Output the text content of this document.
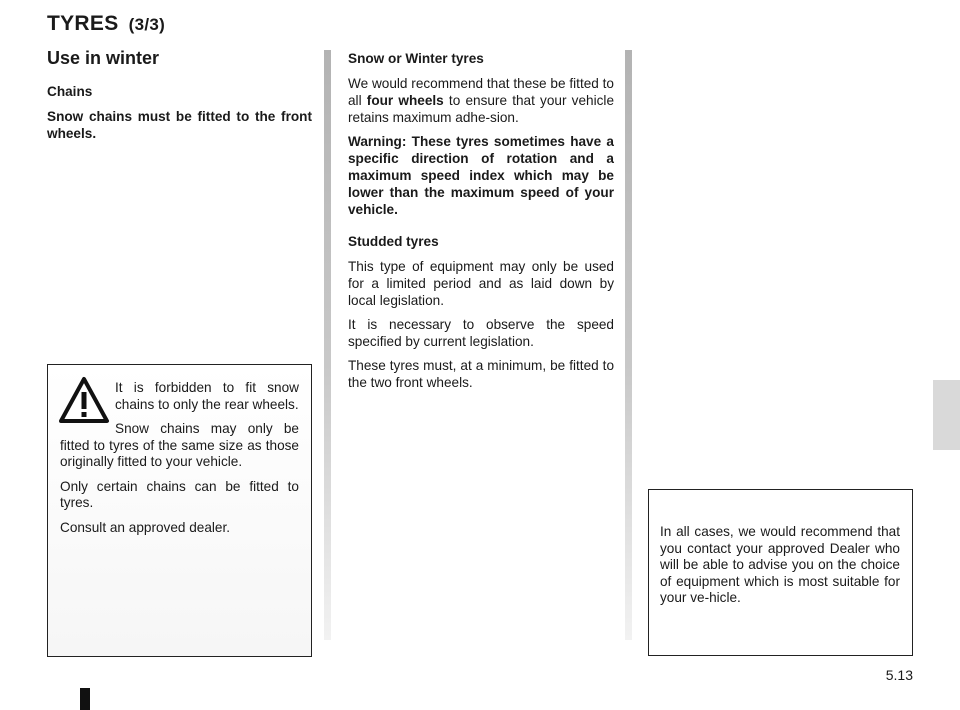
TYRES (3/3)
Use in winter
Chains

Snow chains must be fitted to the front wheels.

It is forbidden to fit snow chains to only the rear wheels.

Snow chains may only be fitted to tyres of the same size as those originally fitted to your vehicle.

Only certain chains can be fitted to tyres.

Consult an approved dealer.

Snow or Winter tyres

We would recommend that these be fitted to all four wheels to ensure that your vehicle retains maximum adhe-sion.

Warning: These tyres sometimes have a specific direction of rotation and a maximum speed index which may be lower than the maximum speed of your vehicle.

Studded tyres

This type of equipment may only be used for a limited period and as laid down by local legislation.

It is necessary to observe the speed specified by current legislation.

These tyres must, at a minimum, be fitted to the two front wheels.

In all cases, we would recommend that you contact your approved Dealer who will be able to advise you on the choice of equipment which is most suitable for your ve-hicle.

5.13
